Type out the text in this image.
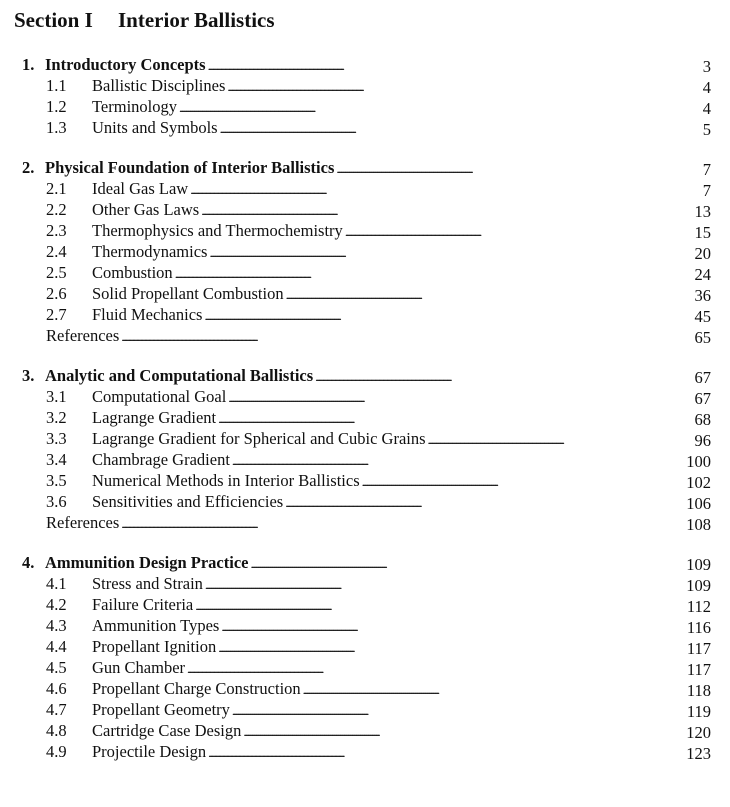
Section I Interior Ballistics
1. Introductory Concepts . . .	3
1.1 Ballistic Disciplines . . .	4
1.2 Terminology . . .	4
1.3 Units and Symbols . . .	5
2. Physical Foundation of Interior Ballistics . . .	7
2.1 Ideal Gas Law . . .	7
2.2 Other Gas Laws . . .	13
2.3 Thermophysics and Thermochemistry . . .	15
2.4 Thermodynamics . . .	20
2.5 Combustion . . .	24
2.6 Solid Propellant Combustion . . .	36
2.7 Fluid Mechanics . . .	45
References . . .	65
3. Analytic and Computational Ballistics . . .	67
3.1 Computational Goal . . .	67
3.2 Lagrange Gradient . . .	68
3.3 Lagrange Gradient for Spherical and Cubic Grains . . .	96
3.4 Chambrage Gradient . . .	100
3.5 Numerical Methods in Interior Ballistics . . .	102
3.6 Sensitivities and Efficiencies . . .	106
References . . .	108
4. Ammunition Design Practice . . .	109
4.1 Stress and Strain . . .	109
4.2 Failure Criteria . . .	112
4.3 Ammunition Types . . .	116
4.4 Propellant Ignition . . .	117
4.5 Gun Chamber . . .	117
4.6 Propellant Charge Construction . . .	118
4.7 Propellant Geometry . . .	119
4.8 Cartridge Case Design . . .	120
4.9 Projectile Design . . .	123
